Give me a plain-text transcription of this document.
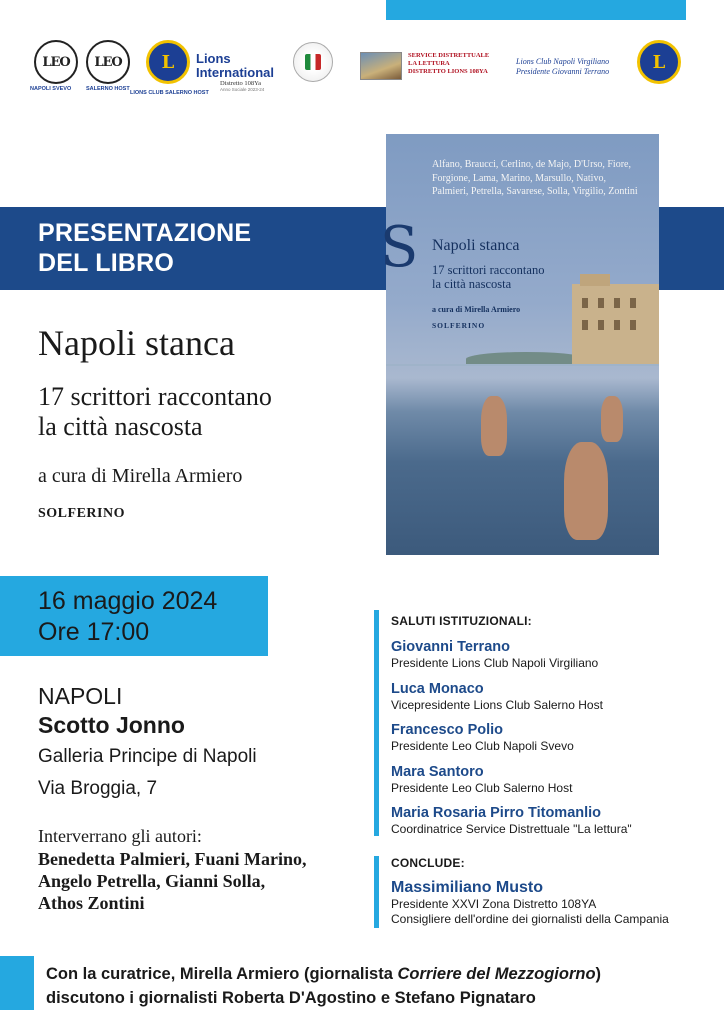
LEO
NAPOLI SVEVO
LEO
SALERNO HOST
L
LIONS CLUB SALERNO HOST
Lions International
Distretto 108Ya
Anno Sociale 2023-24
SERVICE DISTRETTUALE
LA LETTURA
DISTRETTO LIONS 108YA
Lions Club Napoli Virgiliano
Presidente Giovanni Terrano L
PRESENTAZIONE
DEL LIBRO
Alfano, Braucci, Cerlino, de Majo, D'Urso, Fiore, Forgione, Lama, Marino, Marsullo, Nativo, Palmieri, Petrella, Savarese, Solla, Virgilio, Zontini
S Napoli stanca
17 scrittori raccontano
la città nascosta
a cura di Mirella Armiero
SOLFERINO
Napoli stanca
17 scrittori raccontano
la città nascosta
a cura di Mirella Armiero
SOLFERINO
16 maggio 2024
Ore 17:00
NAPOLI
Scotto Jonno
Galleria Principe di Napoli
Via Broggia, 7
Interverrano gli autori:
Benedetta Palmieri, Fuani Marino,
Angelo Petrella, Gianni Solla,
Athos Zontini
SALUTI ISTITUZIONALI:
Giovanni Terrano
Presidente Lions Club Napoli Virgiliano
Luca Monaco
Vicepresidente Lions Club Salerno Host
Francesco Polio
Presidente Leo Club Napoli Svevo
Mara Santoro
Presidente Leo Club Salerno Host
Maria Rosaria Pirro Titomanlio
Coordinatrice Service Distrettuale "La lettura"
CONCLUDE:
Massimiliano Musto
Presidente XXVI Zona Distretto 108YA
Consigliere dell'ordine dei giornalisti della Campania
Con la curatrice, Mirella Armiero (giornalista Corriere del Mezzogiorno)
discutono i giornalisti Roberta D'Agostino e Stefano Pignataro
